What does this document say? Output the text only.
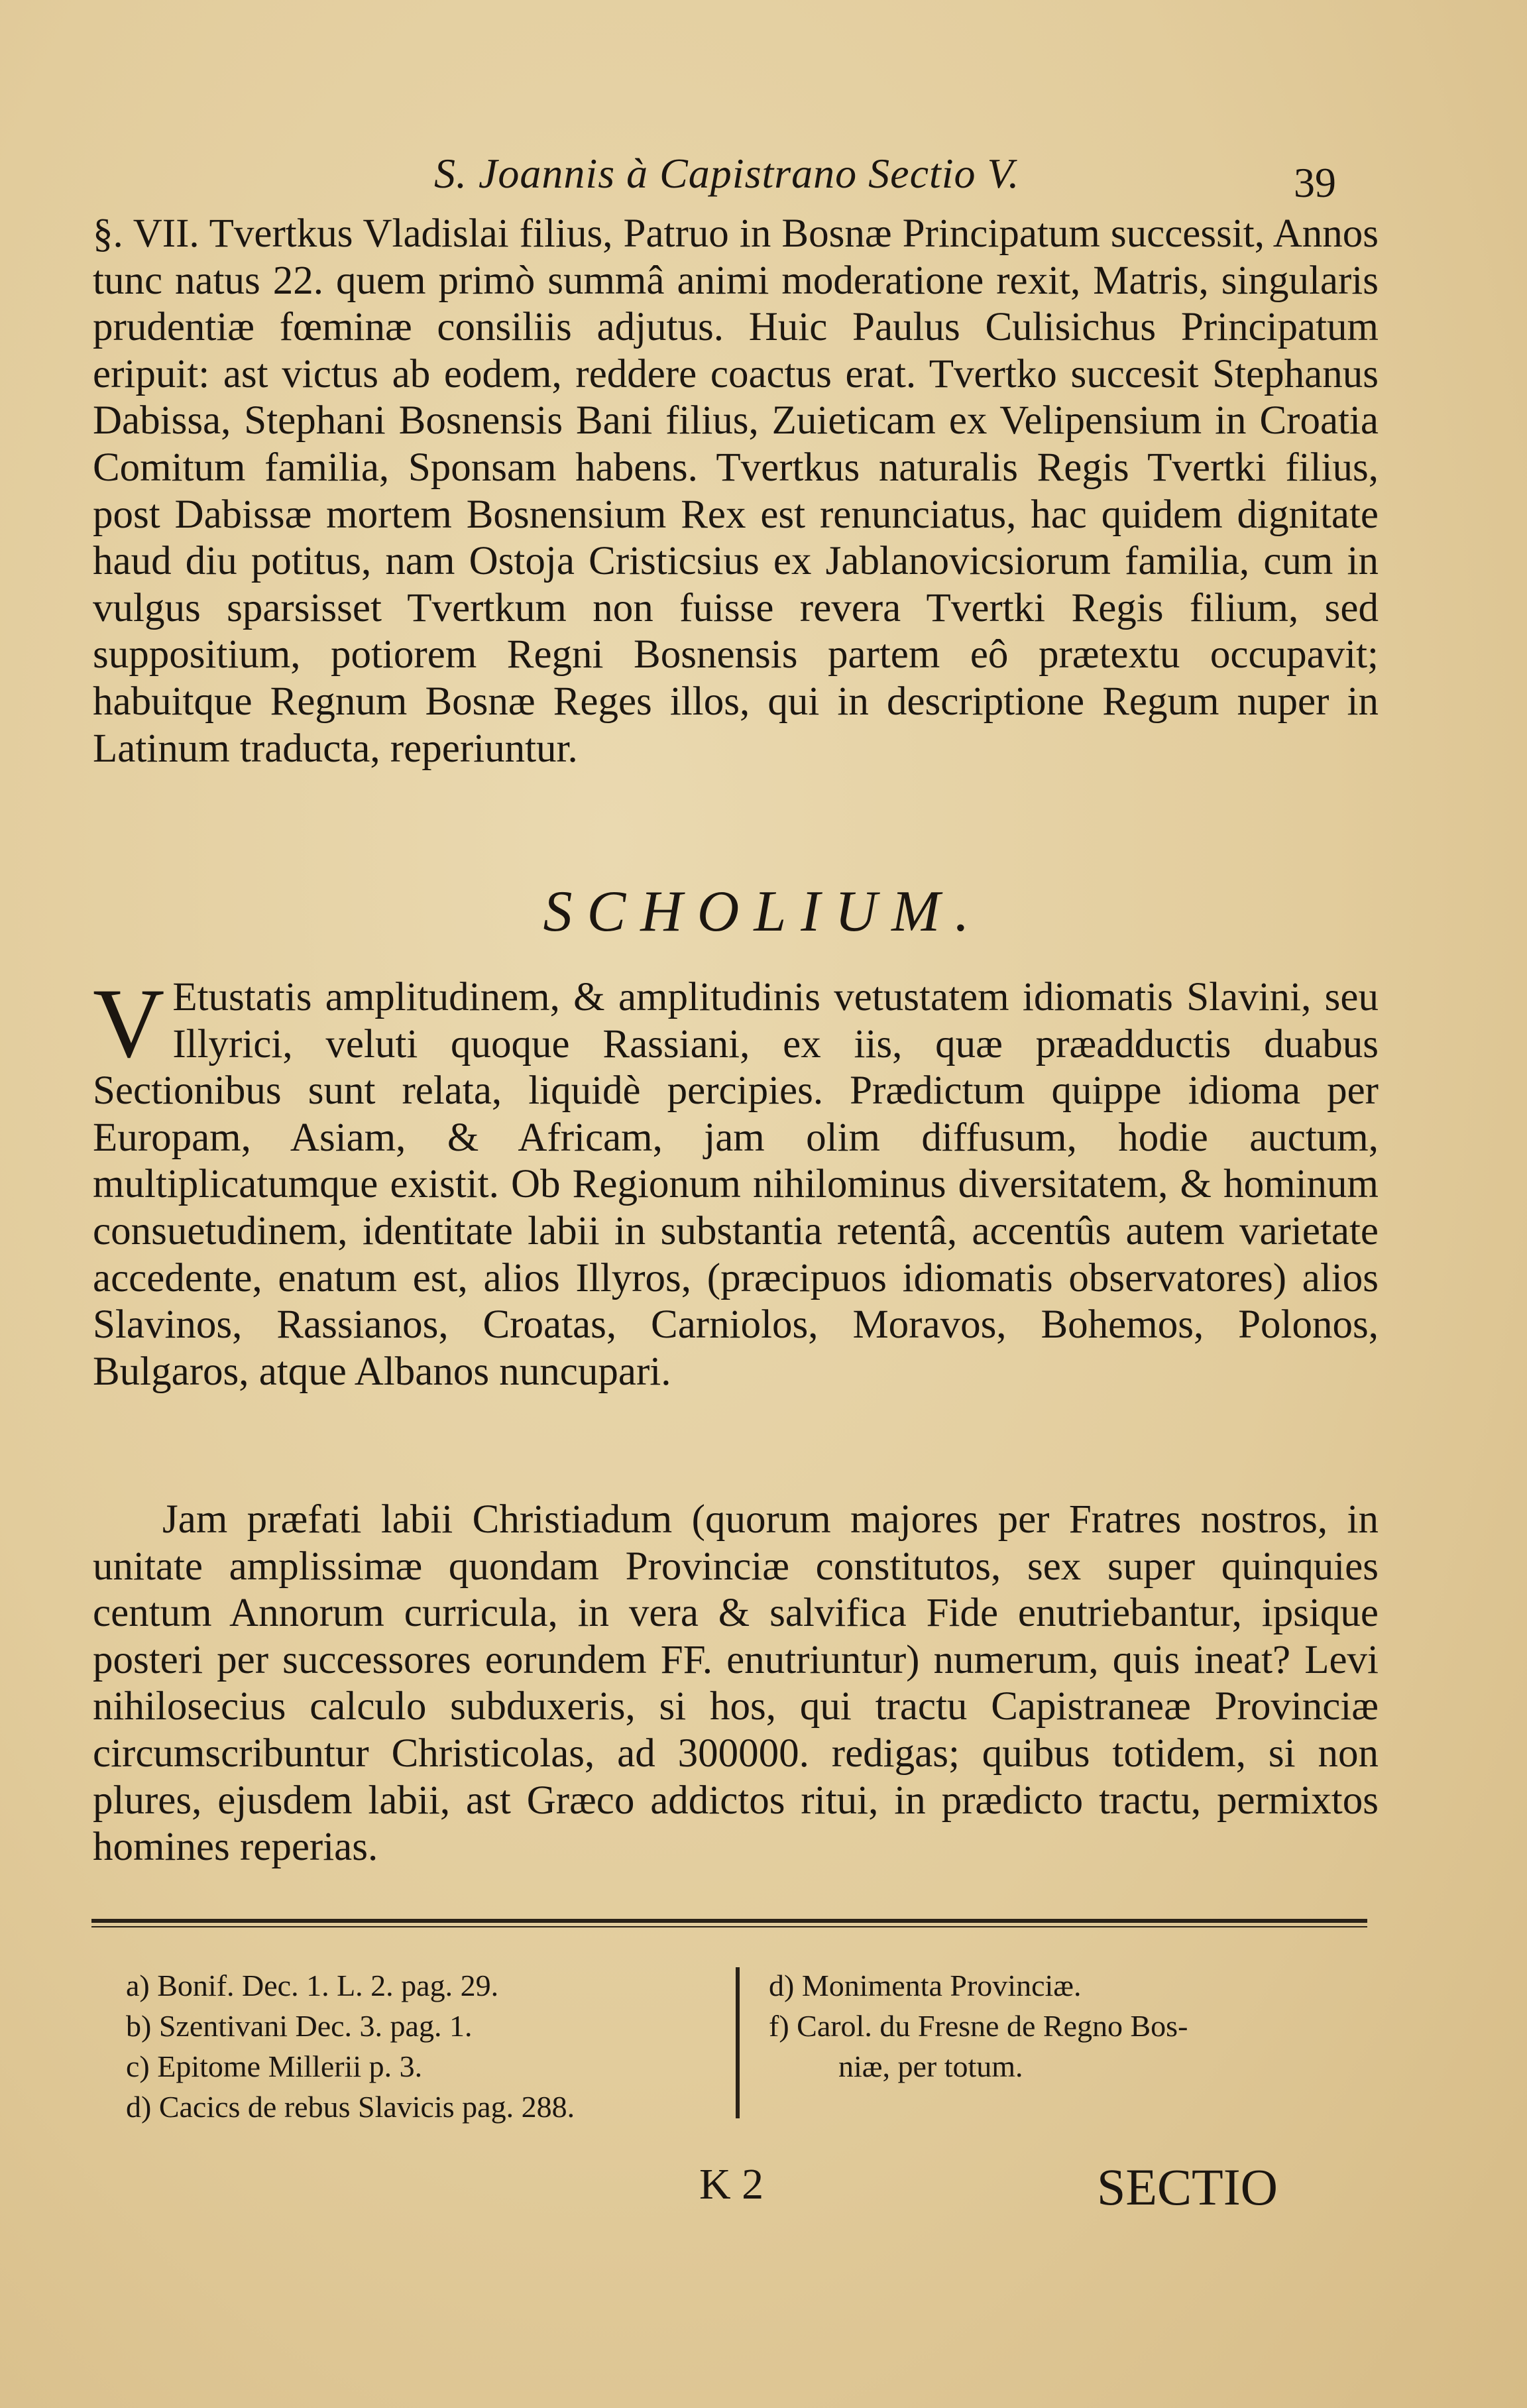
S. Joannis à Capistrano Sectio V.	39

§. VII. Tvertkus Vladislai filius, Patruo in Bosnæ Principatum successit, Annos tunc natus 22. quem primò summâ animi moderatione rexit, Matris, singularis prudentiæ fœminæ consiliis adjutus. Huic Paulus Culisichus Principatum eripuit: ast victus ab eodem, reddere coactus erat. Tvertko succesit Stephanus Dabissa, Stephani Bosnensis Bani filius, Zuieticam ex Velipensium in Croatia Comitum familia, Sponsam habens. Tvertkus naturalis Regis Tvertki filius, post Dabissæ mortem Bosnensium Rex est renunciatus, hac quidem dignitate haud diu potitus, nam Ostoja Cristicsius ex Jablanovicsiorum familia, cum in vulgus sparsisset Tvertkum non fuisse revera Tvertki Regis filium, sed suppositium, potiorem Regni Bosnensis partem eô prætextu occupavit; habuitque Regnum Bosnæ Reges illos, qui in descriptione Regum nuper in Latinum traducta, reperiuntur.

SCHOLIUM.
V Etustatis amplitudinem, & amplitudinis vetustatem idiomatis Slavini, seu Illyrici, veluti quoque Rassiani, ex iis, quæ præadductis duabus Sectionibus sunt relata, liquidè percipies. Prædictum quippe idioma per Europam, Asiam, & Africam, jam olim diffusum, hodie auctum, multiplicatumque existit. Ob Regionum nihilominus diversitatem, & hominum consuetudinem, identitate labii in substantia retentâ, accentûs autem varietate accedente, enatum est, alios Illyros, (præcipuos idiomatis observatores) alios Slavinos, Rassianos, Croatas, Carniolos, Moravos, Bohemos, Polonos, Bulgaros, atque Albanos nuncupari.

Jam præfati labii Christiadum (quorum majores per Fratres nostros, in unitate amplissimæ quondam Provinciæ constitutos, sex super quinquies centum Annorum curricula, in vera & salvifica Fide enutriebantur, ipsique posteri per successores eorundem FF. enutriuntur) numerum, quis ineat? Levi nihilosecius calculo subduxeris, si hos, qui tractu Capistraneæ Provinciæ circumscribuntur Christicolas, ad 300000. redigas; quibus totidem, si non plures, ejusdem labii, ast Græco addictos ritui, in prædicto tractu, permixtos homines reperias.

a) Bonif. Dec. 1. L. 2. pag. 29.
b) Szentivani Dec. 3. pag. 1.
c) Epitome Millerii p. 3.
d) Cacics de rebus Slavicis pag. 288.
d) Monimenta Provinciæ.
f) Carol. du Fresne de Regno Bos-
niæ, per totum.
K 2	SECTIO
